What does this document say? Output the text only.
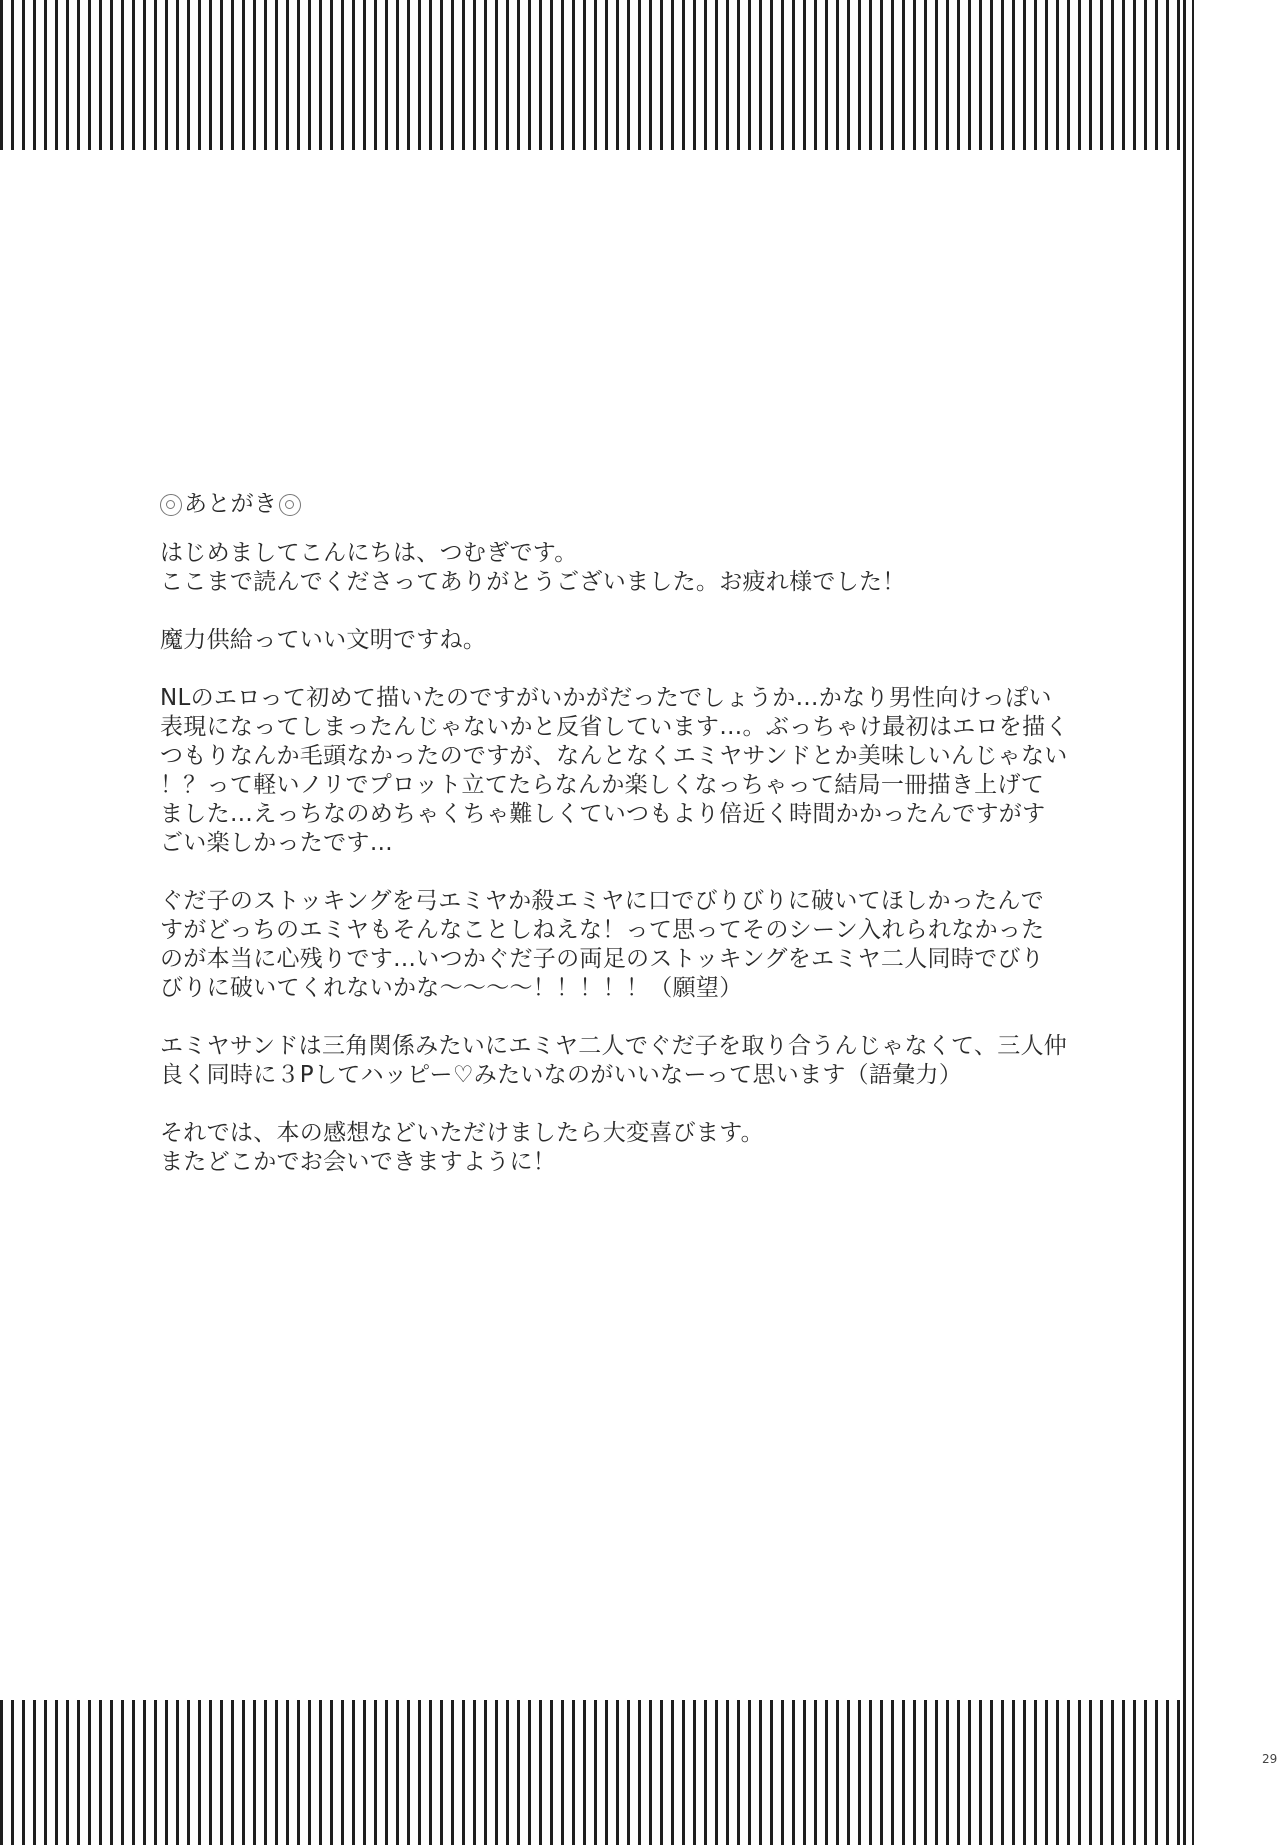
あとがき

はじめましてこんにちは、つむぎです。
ここまで読んでくださってありがとうございました。お疲れ様でした！

魔力供給っていい文明ですね。

NLのエロって初めて描いたのですがいかがだったでしょうか…かなり男性向けっぽい
表現になってしまったんじゃないかと反省しています…。ぶっちゃけ最初はエロを描く
つもりなんか毛頭なかったのですが、なんとなくエミヤサンドとか美味しいんじゃない
！？って軽いノリでプロット立てたらなんか楽しくなっちゃって結局一冊描き上げて
ました…えっちなのめちゃくちゃ難しくていつもより倍近く時間かかったんですがす
ごい楽しかったです…

ぐだ子のストッキングを弓エミヤか殺エミヤに口でびりびりに破いてほしかったんで
すがどっちのエミヤもそんなことしねえな！って思ってそのシーン入れられなかった
のが本当に心残りです…いつかぐだ子の両足のストッキングをエミヤ二人同時でびり
びりに破いてくれないかな〜〜〜〜！！！！！（願望）

エミヤサンドは三角関係みたいにエミヤ二人でぐだ子を取り合うんじゃなくて、三人仲
良く同時に３Pしてハッピー♡みたいなのがいいなーって思います（語彙力）

それでは、本の感想などいただけましたら大変喜びます。
またどこかでお会いできますように！

29
